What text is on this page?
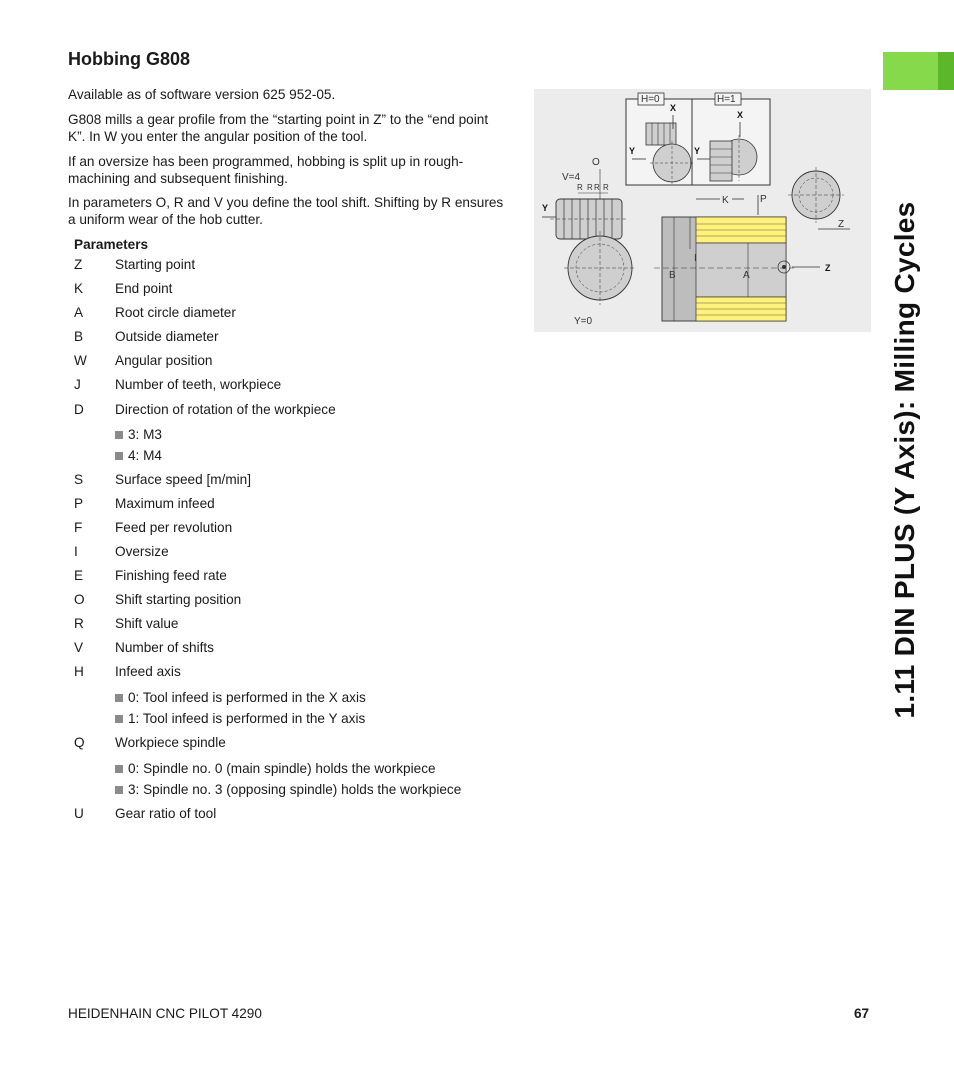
Hobbing G808

Available as of software version 625 952-05.

G808 mills a gear profile from the “starting point in Z” to the “end point K”. In W you enter the angular position of the tool.

If an oversize has been programmed, hobbing is split up in rough-machining and subsequent finishing.

In parameters O, R and V you define the tool shift. Shifting by R ensures a uniform wear of the hob cutter.

Parameters
Z Starting point
K End point
A Root circle diameter
B Outside diameter
W Angular position
J	Number of teeth, workpiece
D Direction of rotation of the workpiece
3: M3
4: M4
S Surface speed [m/min]
P Maximum infeed
F Feed per revolution
I	Oversize
E Finishing feed rate
O Shift starting position
R Shift value
V Number of shifts
H Infeed axis
0: Tool infeed is performed in the X axis
1: Tool infeed is performed in the Y axis
Q Workpiece spindle
0: Spindle no. 0 (main spindle) holds the workpiece
3: Spindle no. 3 (opposing spindle) holds the workpiece
U Gear ratio of tool
1.11 DIN PLUS (Y Axis): Milling Cycles
H=0	H=1
X
Y
X
Y
O
V=4
R R R R
Y
Y=0
K	P
I
B	A
Z
Z
HEIDENHAIN CNC PILOT 4290	67
